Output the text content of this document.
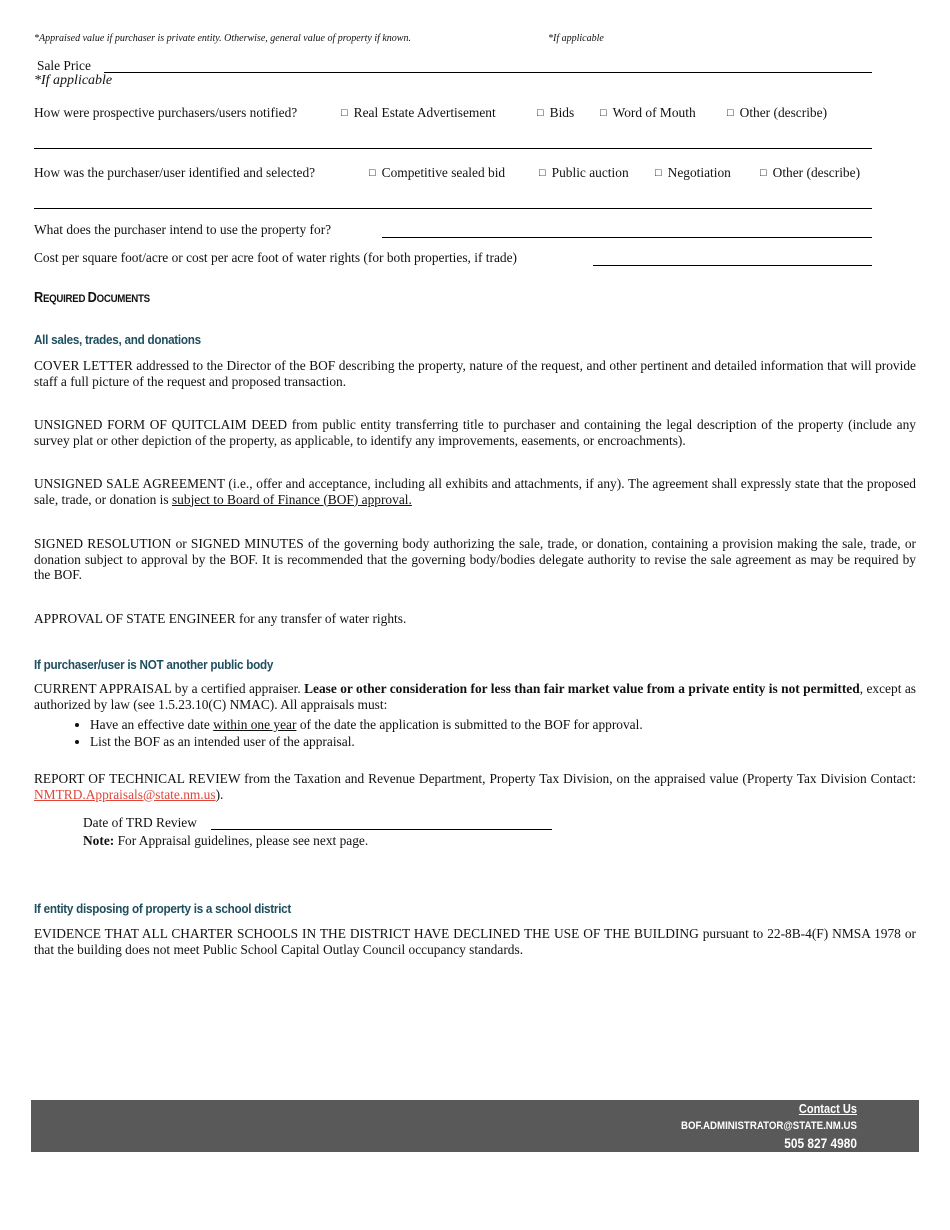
*Appraised value if purchaser is private entity. Otherwise, general value of property if known.	*If applicable
Sale Price
*If applicable
How were prospective purchasers/users notified?	□ Real Estate Advertisement	□ Bids □ Word of Mouth	□ Other (describe)
How was the purchaser/user identified and selected?	□ Competitive sealed bid	□ Public auction □ Negotiation	□ Other (describe)
What does the purchaser intend to use the property for?
Cost per square foot/acre or cost per acre foot of water rights (for both properties, if trade)
REQUIRED DOCUMENTS
All sales, trades, and donations
COVER LETTER addressed to the Director of the BOF describing the property, nature of the request, and other pertinent and detailed information that will provide staff a full picture of the request and proposed transaction.
UNSIGNED FORM OF QUITCLAIM DEED from public entity transferring title to purchaser and containing the legal description of the property (include any survey plat or other depiction of the property, as applicable, to identify any improvements, easements, or encroachments).
UNSIGNED SALE AGREEMENT (i.e., offer and acceptance, including all exhibits and attachments, if any). The agreement shall expressly state that the proposed sale, trade, or donation is subject to Board of Finance (BOF) approval.
SIGNED RESOLUTION or SIGNED MINUTES of the governing body authorizing the sale, trade, or donation, containing a provision making the sale, trade, or donation subject to approval by the BOF. It is recommended that the governing body/bodies delegate authority to revise the sale agreement as may be required by the BOF.
APPROVAL OF STATE ENGINEER for any transfer of water rights.
If purchaser/user is NOT another public body
CURRENT APPRAISAL by a certified appraiser. Lease or other consideration for less than fair market value from a private entity is not permitted, except as authorized by law (see 1.5.23.10(C) NMAC). All appraisals must:
• Have an effective date within one year of the date the application is submitted to the BOF for approval.
• List the BOF as an intended user of the appraisal.
REPORT OF TECHNICAL REVIEW from the Taxation and Revenue Department, Property Tax Division, on the appraised value (Property Tax Division Contact: NMTRD.Appraisals@state.nm.us).
Date of TRD Review
Note: For Appraisal guidelines, please see next page.
If entity disposing of property is a school district
EVIDENCE THAT ALL CHARTER SCHOOLS IN THE DISTRICT HAVE DECLINED THE USE OF THE BUILDING pursuant to 22-8B-4(F) NMSA 1978 or that the building does not meet Public School Capital Outlay Council occupancy standards.
Contact Us
BOF.ADMINISTRATOR@STATE.NM.US
505 827 4980
